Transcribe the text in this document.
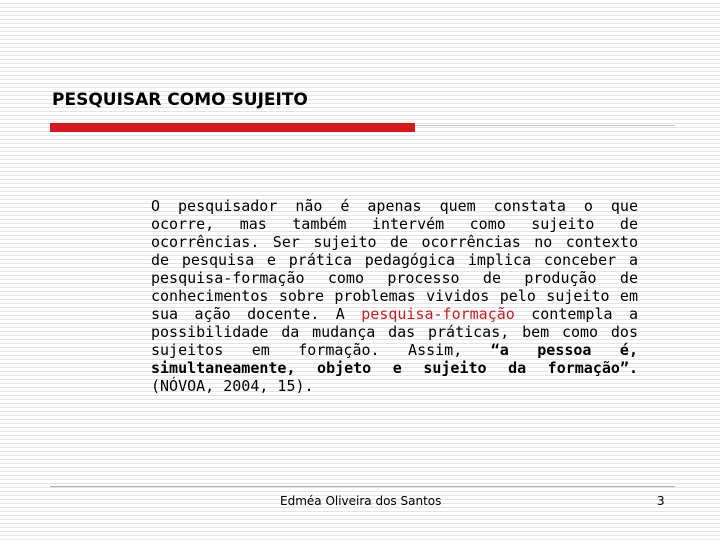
PESQUISAR COMO SUJEITO

O pesquisador não é apenas quem constata o que ocorre, mas também intervém como sujeito de ocorrências. Ser sujeito de ocorrências no contexto de pesquisa e prática pedagógica implica conceber a pesquisa-formação como processo de produção de conhecimentos sobre problemas vividos pelo sujeito em sua ação docente. A pesquisa-formação contempla a possibilidade da mudança das práticas, bem como dos sujeitos em formação. Assim, “a pessoa é, simultaneamente, objeto e sujeito da formação”. (NÓVOA, 2004, 15).

Edméa Oliveira dos Santos	3
